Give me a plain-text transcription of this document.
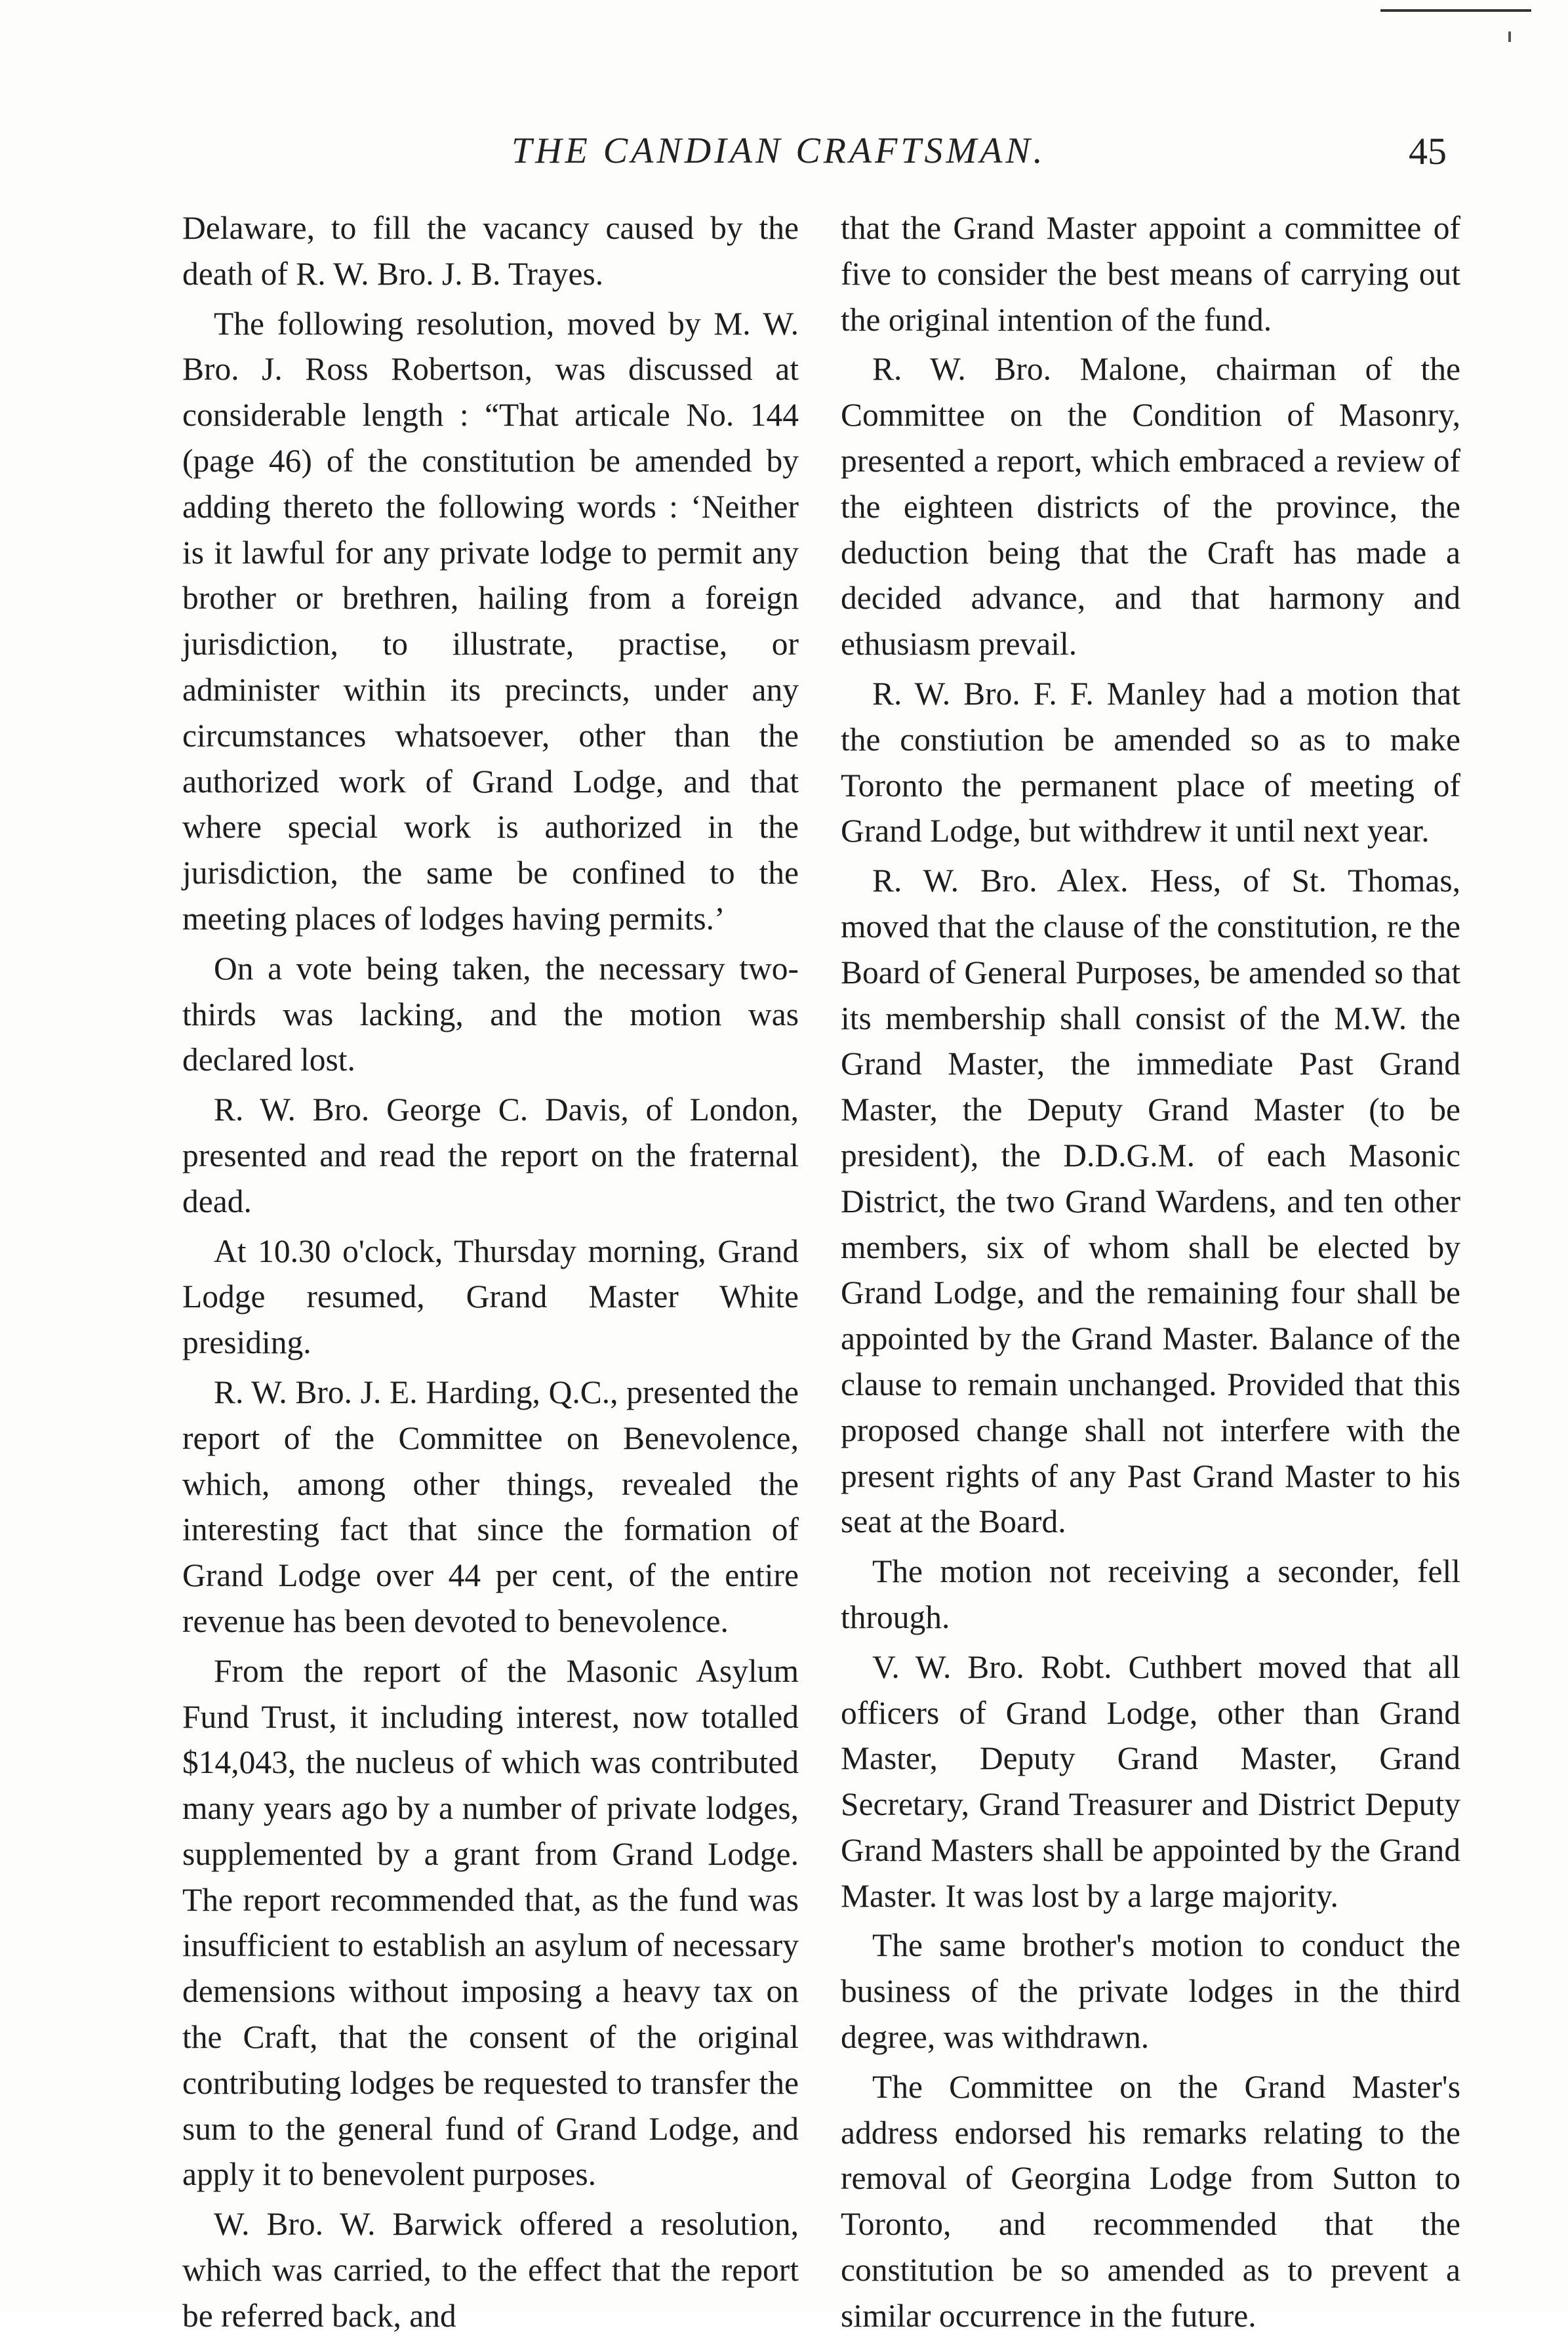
THE CANDIAN CRAFTSMAN.	45

Delaware, to fill the vacancy caused by the death of R. W. Bro. J. B. Trayes.

The following resolution, moved by M. W. Bro. J. Ross Robertson, was discussed at considerable length : “That articale No. 144 (page 46) of the constitution be amended by adding thereto the following words : ‘Neither is it lawful for any private lodge to permit any brother or brethren, hailing from a foreign jurisdiction, to illustrate, practise, or administer within its precincts, under any circumstances whatsoever, other than the authorized work of Grand Lodge, and that where special work is authorized in the jurisdiction, the same be confined to the meeting places of lodges having permits.’

On a vote being taken, the necessary two-thirds was lacking, and the motion was declared lost.

R. W. Bro. George C. Davis, of London, presented and read the report on the fraternal dead.

At 10.30 o'clock, Thursday morning, Grand Lodge resumed, Grand Master White presiding.

R. W. Bro. J. E. Harding, Q.C., presented the report of the Committee on Benevolence, which, among other things, revealed the interesting fact that since the formation of Grand Lodge over 44 per cent, of the entire revenue has been devoted to benevolence.

From the report of the Masonic Asylum Fund Trust, it including interest, now totalled $14,043, the nucleus of which was contributed many years ago by a number of private lodges, supplemented by a grant from Grand Lodge. The report recommended that, as the fund was insufficient to establish an asylum of necessary demensions without imposing a heavy tax on the Craft, that the consent of the original contributing lodges be requested to transfer the sum to the general fund of Grand Lodge, and apply it to benevolent purposes.

W. Bro. W. Barwick offered a resolution, which was carried, to the effect that the report be referred back, and

that the Grand Master appoint a committee of five to consider the best means of carrying out the original intention of the fund.

R. W. Bro. Malone, chairman of the Committee on the Condition of Masonry, presented a report, which embraced a review of the eighteen districts of the province, the deduction being that the Craft has made a decided advance, and that harmony and ethusiasm prevail.

R. W. Bro. F. F. Manley had a motion that the constiution be amended so as to make Toronto the permanent place of meeting of Grand Lodge, but withdrew it until next year.

R. W. Bro. Alex. Hess, of St. Thomas, moved that the clause of the constitution, re the Board of General Purposes, be amended so that its membership shall consist of the M.W. the Grand Master, the immediate Past Grand Master, the Deputy Grand Master (to be president), the D.D.G.M. of each Masonic District, the two Grand Wardens, and ten other members, six of whom shall be elected by Grand Lodge, and the remaining four shall be appointed by the Grand Master. Balance of the clause to remain unchanged. Provided that this proposed change shall not interfere with the present rights of any Past Grand Master to his seat at the Board.

The motion not receiving a seconder, fell through.

V. W. Bro. Robt. Cuthbert moved that all officers of Grand Lodge, other than Grand Master, Deputy Grand Master, Grand Secretary, Grand Treasurer and District Deputy Grand Masters shall be appointed by the Grand Master. It was lost by a large majority.

The same brother's motion to conduct the business of the private lodges in the third degree, was withdrawn.

The Committee on the Grand Master's address endorsed his remarks relating to the removal of Georgina Lodge from Sutton to Toronto, and recommended that the constitution be so amended as to prevent a similar occurrence in the future.
